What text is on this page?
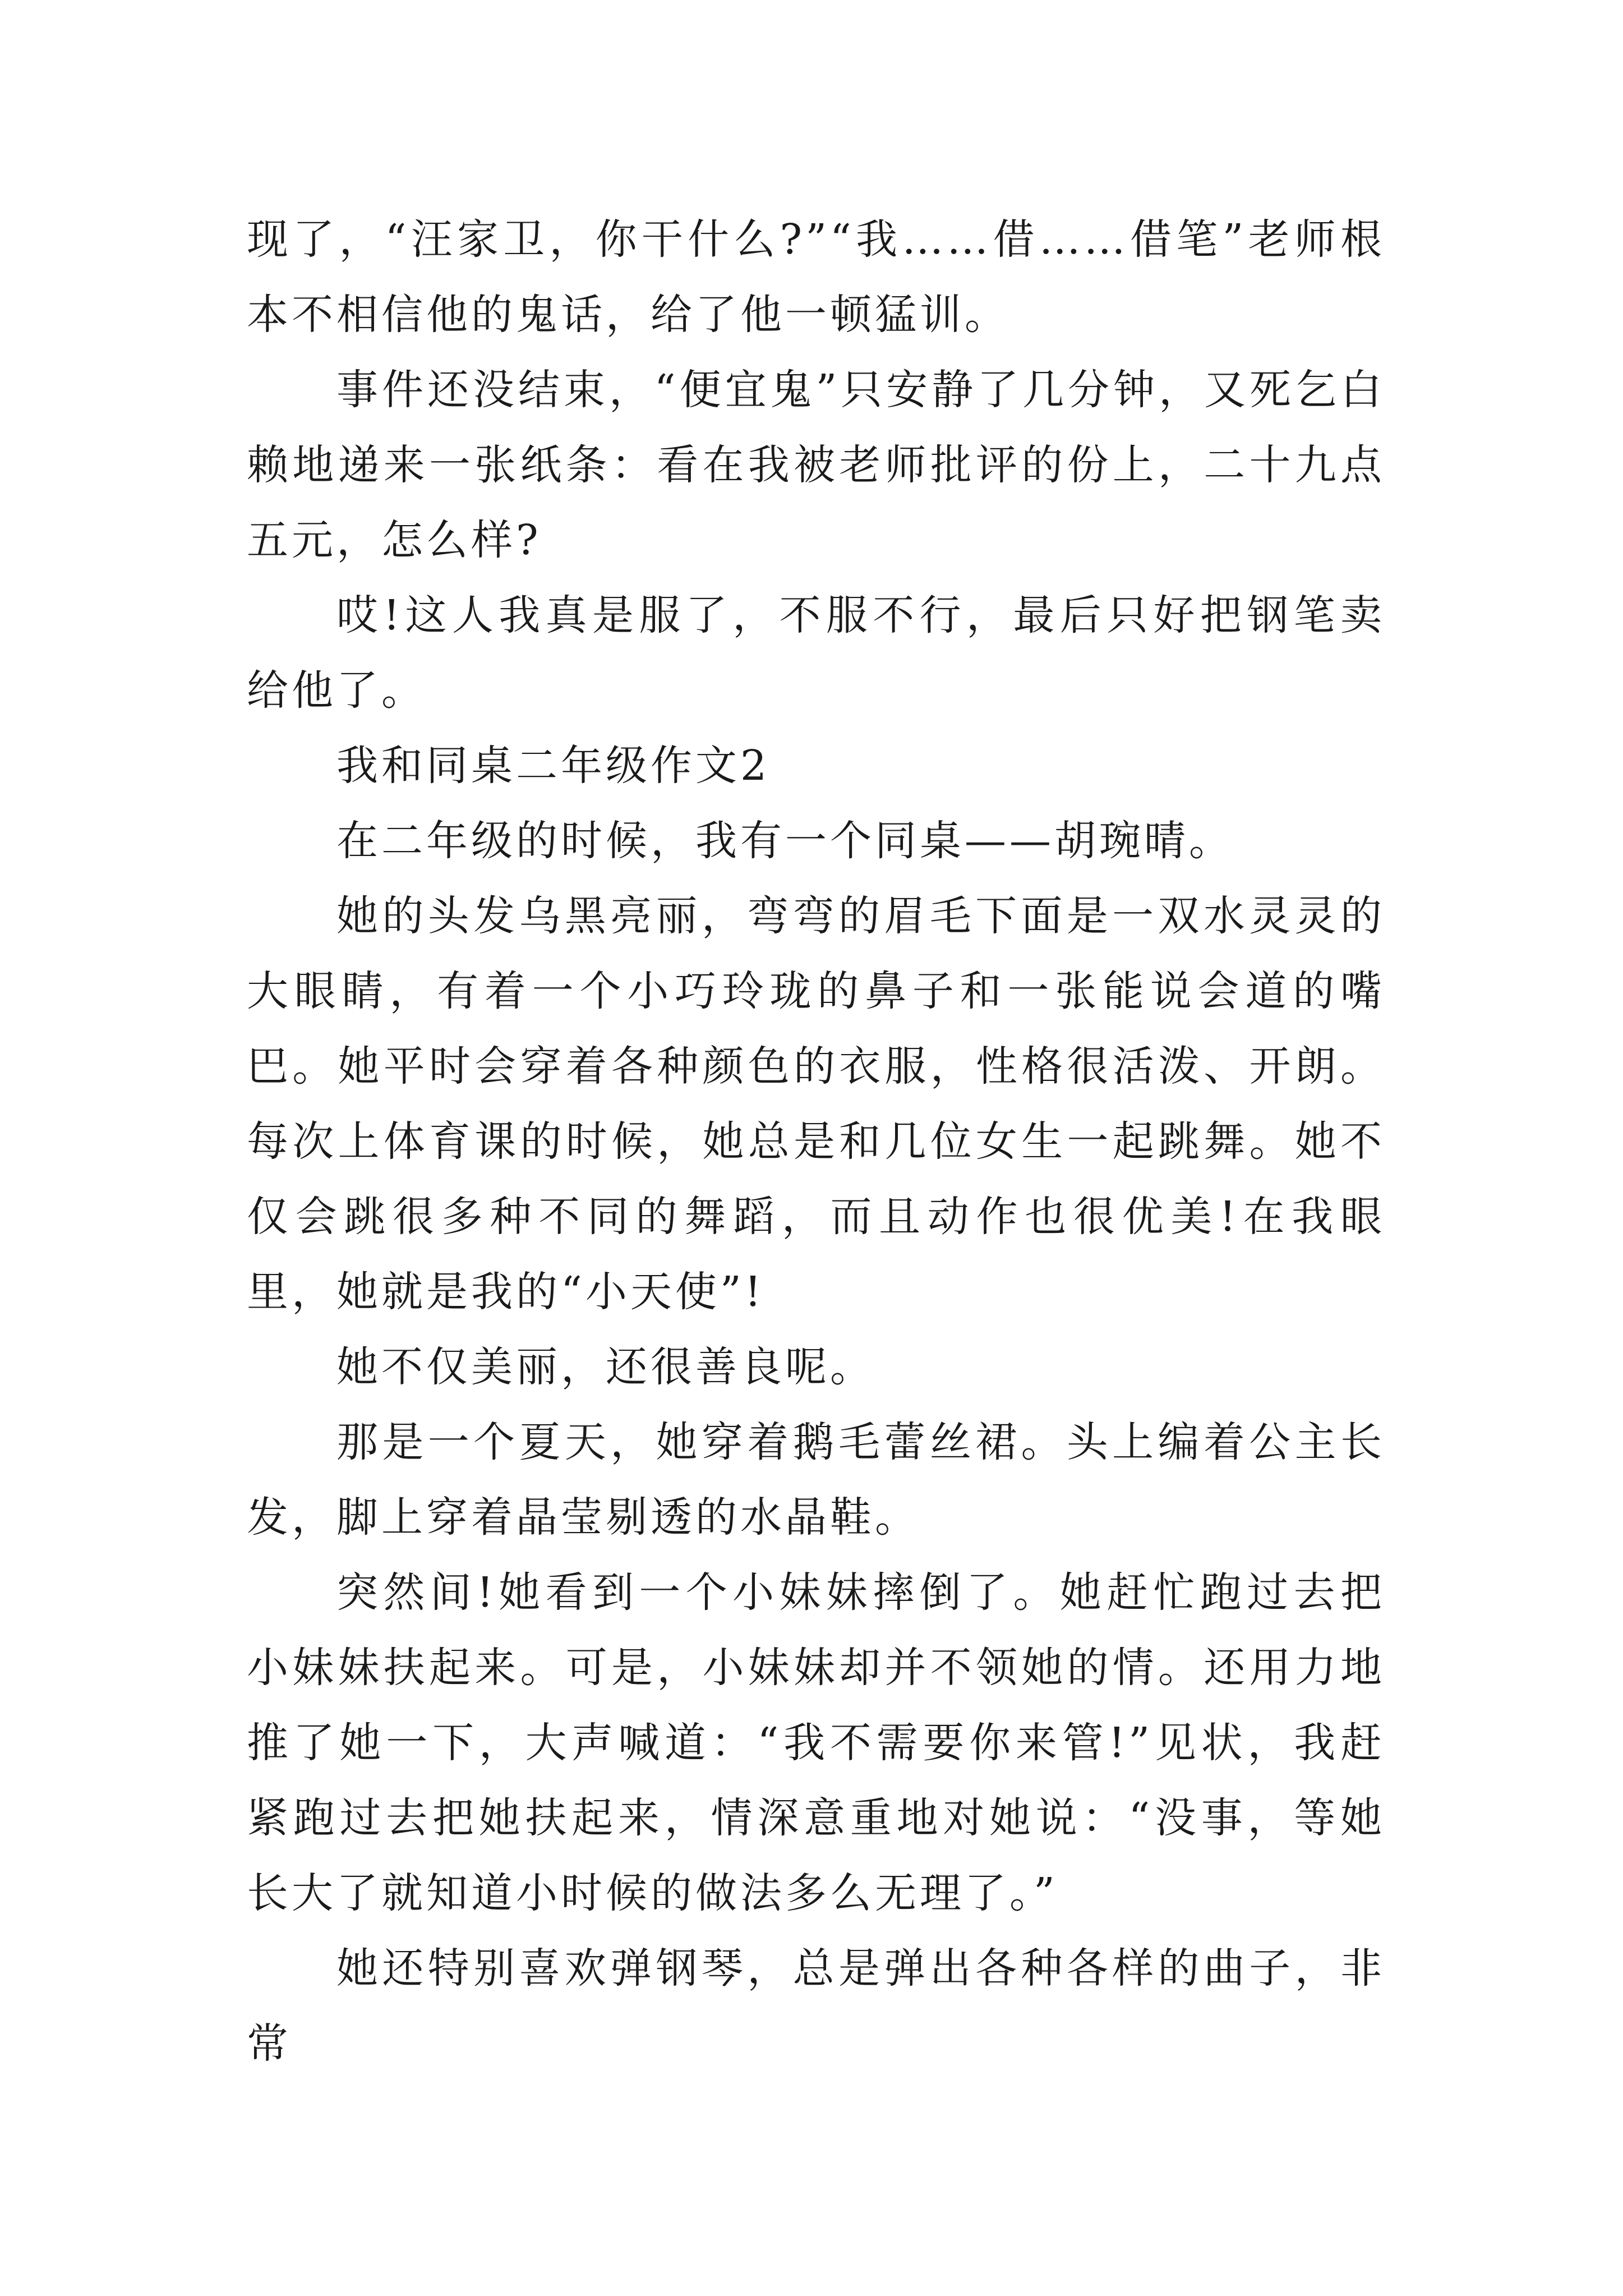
现了，“汪家卫，你干什么?”“我……借……借笔”老师根本不相信他的鬼话，给了他一顿猛训。

事件还没结束，“便宜鬼”只安静了几分钟，又死乞白赖地递来一张纸条：看在我被老师批评的份上，二十九点五元，怎么样?

哎!这人我真是服了，不服不行，最后只好把钢笔卖给他了。

我和同桌二年级作文2

在二年级的时候，我有一个同桌——胡琬晴。

她的头发乌黑亮丽，弯弯的眉毛下面是一双水灵灵的大眼睛，有着一个小巧玲珑的鼻子和一张能说会道的嘴巴。她平时会穿着各种颜色的衣服，性格很活泼、开朗。每次上体育课的时候，她总是和几位女生一起跳舞。她不仅会跳很多种不同的舞蹈，而且动作也很优美!在我眼里，她就是我的“小天使”!

她不仅美丽，还很善良呢。

那是一个夏天，她穿着鹅毛蕾丝裙。头上编着公主长发，脚上穿着晶莹剔透的水晶鞋。

突然间!她看到一个小妹妹摔倒了。她赶忙跑过去把小妹妹扶起来。可是，小妹妹却并不领她的情。还用力地推了她一下，大声喊道：“我不需要你来管!”见状，我赶紧跑过去把她扶起来，情深意重地对她说：“没事，等她长大了就知道小时候的做法多么无理了。”

她还特别喜欢弹钢琴，总是弹出各种各样的曲子，非常
